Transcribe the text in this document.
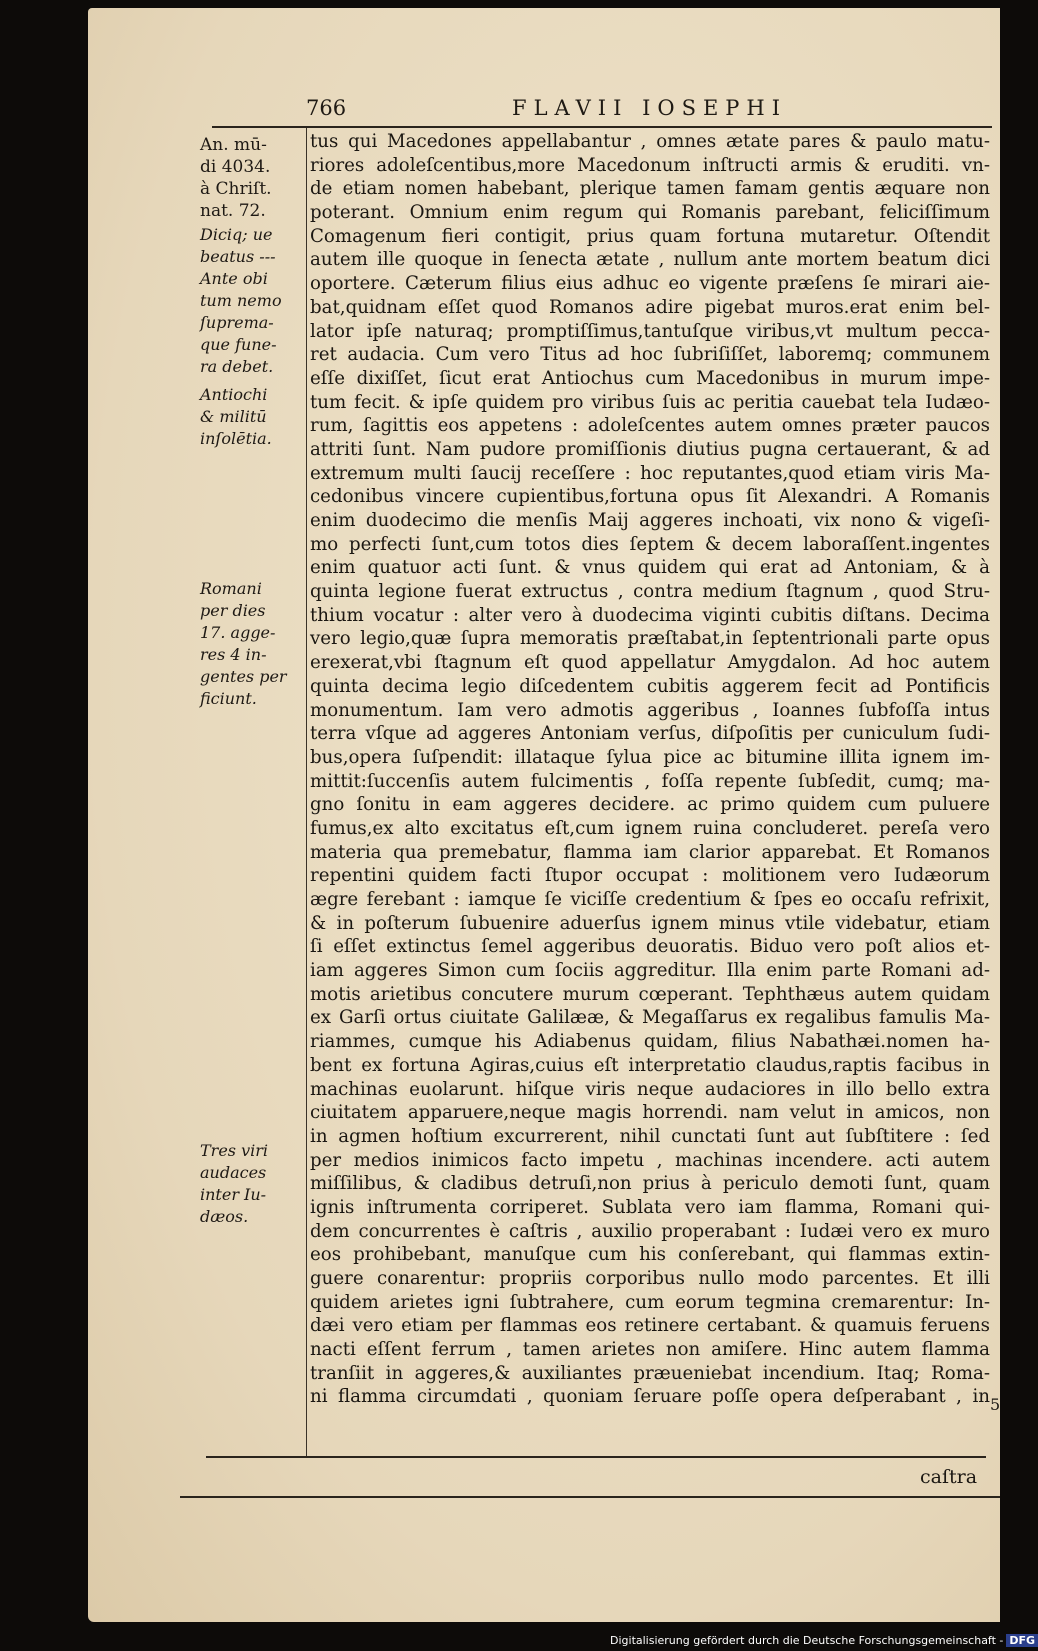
766	FLAVII IOSEPHI
An. mū-
di 4034.
à Chriſt.
nat. 72.
Diciq; ue
beatus ---
Ante obi
tum nemo
ſuprema-
que fune-
ra debet.
Antiochi
& militū
inſolētia.
Romani
per dies
17. agge-
res 4 in-
gentes per
ficiunt.
Tres viri
audaces
inter Iu-
dæos.
tus qui Macedones appellabantur , omnes ætate pares & paulo matu-
riores adoleſcentibus,more Macedonum inſtructi armis & eruditi. vn-
de etiam nomen habebant, plerique tamen famam gentis æquare non
poterant. Omnium enim regum qui Romanis parebant, feliciſſimum
Comagenum fieri contigit, prius quam fortuna mutaretur. Oſtendit
autem ille quoque in ſenecta ætate , nullum ante mortem beatum dici
oportere. Cæterum filius eius adhuc eo vigente præſens ſe mirari aie-
bat,quidnam eſſet quod Romanos adire pigebat muros.erat enim bel-
lator ipſe naturaq; promptiſſimus,tantuſque viribus,vt multum pecca-
ret audacia. Cum vero Titus ad hoc ſubriſiſſet, laboremq; communem
eſſe dixiſſet, ſicut erat Antiochus cum Macedonibus in murum impe-
tum fecit. & ipſe quidem pro viribus ſuis ac peritia cauebat tela Iudæo-
rum, ſagittis eos appetens : adoleſcentes autem omnes præter paucos
attriti ſunt. Nam pudore promiſſionis diutius pugna certauerant, & ad
extremum multi ſaucij receſſere : hoc reputantes,quod etiam viris Ma-
cedonibus vincere cupientibus,fortuna opus ſit Alexandri. A Romanis
enim duodecimo die menſis Maij aggeres inchoati, vix nono & vigeſi-
mo perfecti ſunt,cum totos dies ſeptem & decem laboraſſent.ingentes
enim quatuor acti ſunt. & vnus quidem qui erat ad Antoniam, & à
quinta legione fuerat extructus , contra medium ſtagnum , quod Stru-
thium vocatur : alter vero à duodecima viginti cubitis diſtans. Decima
vero legio,quæ ſupra memoratis præſtabat,in ſeptentrionali parte opus
erexerat,vbi ſtagnum eſt quod appellatur Amygdalon. Ad hoc autem
quinta decima legio diſcedentem cubitis aggerem fecit ad Pontificis
monumentum. Iam vero admotis aggeribus , Ioannes ſubfoſſa intus
terra vſque ad aggeres Antoniam verſus, diſpoſitis per cuniculum ſudi-
bus,opera ſuſpendit: illataque ſylua pice ac bitumine illita ignem im-
mittit:ſuccenſis autem fulcimentis , foſſa repente ſubſedit, cumq; ma-
gno ſonitu in eam aggeres decidere. ac primo quidem cum puluere
fumus,ex alto excitatus eſt,cum ignem ruina concluderet. pereſa vero
materia qua premebatur, flamma iam clarior apparebat. Et Romanos
repentini quidem facti ſtupor occupat : molitionem vero Iudæorum
ægre ferebant : iamque ſe viciſſe credentium & ſpes eo occaſu refrixit,
& in poſterum ſubuenire aduerſus ignem minus vtile videbatur, etiam
ſi eſſet extinctus ſemel aggeribus deuoratis. Biduo vero poſt alios et-
iam aggeres Simon cum ſociis aggreditur. Illa enim parte Romani ad-
motis arietibus concutere murum cœperant. Tephthæus autem quidam
ex Garſi ortus ciuitate Galilææ, & Megaſſarus ex regalibus famulis Ma-
riammes, cumque his Adiabenus quidam, filius Nabathæi.nomen ha-
bent ex fortuna Agiras,cuius eſt interpretatio claudus,raptis facibus in
machinas euolarunt. hiſque viris neque audaciores in illo bello extra
ciuitatem apparuere,neque magis horrendi. nam velut in amicos, non
in agmen hoſtium excurrerent, nihil cunctati ſunt aut ſubſtitere : ſed
per medios inimicos facto impetu , machinas incendere. acti autem
miſſilibus, & cladibus detruſi,non prius à periculo demoti ſunt, quam
ignis inſtrumenta corriperet. Sublata vero iam flamma, Romani qui-
dem concurrentes è caſtris , auxilio properabant : Iudæi vero ex muro
eos prohibebant, manuſque cum his conſerebant, qui flammas extin-
guere conarentur: propriis corporibus nullo modo parcentes. Et illi
quidem arietes igni ſubtrahere, cum eorum tegmina cremarentur: In-
dæi vero etiam per flammas eos retinere certabant. & quamuis feruens
nacti eſſent ferrum , tamen arietes non amiſere. Hinc autem flamma
tranſiit in aggeres,& auxiliantes præueniebat incendium. Itaq; Roma-
ni flamma circumdati , quoniam ſeruare poſſe opera deſperabant , in
caſtra
5
Digitalisierung gefördert durch die Deutsche Forschungsgemeinschaft - DFG
